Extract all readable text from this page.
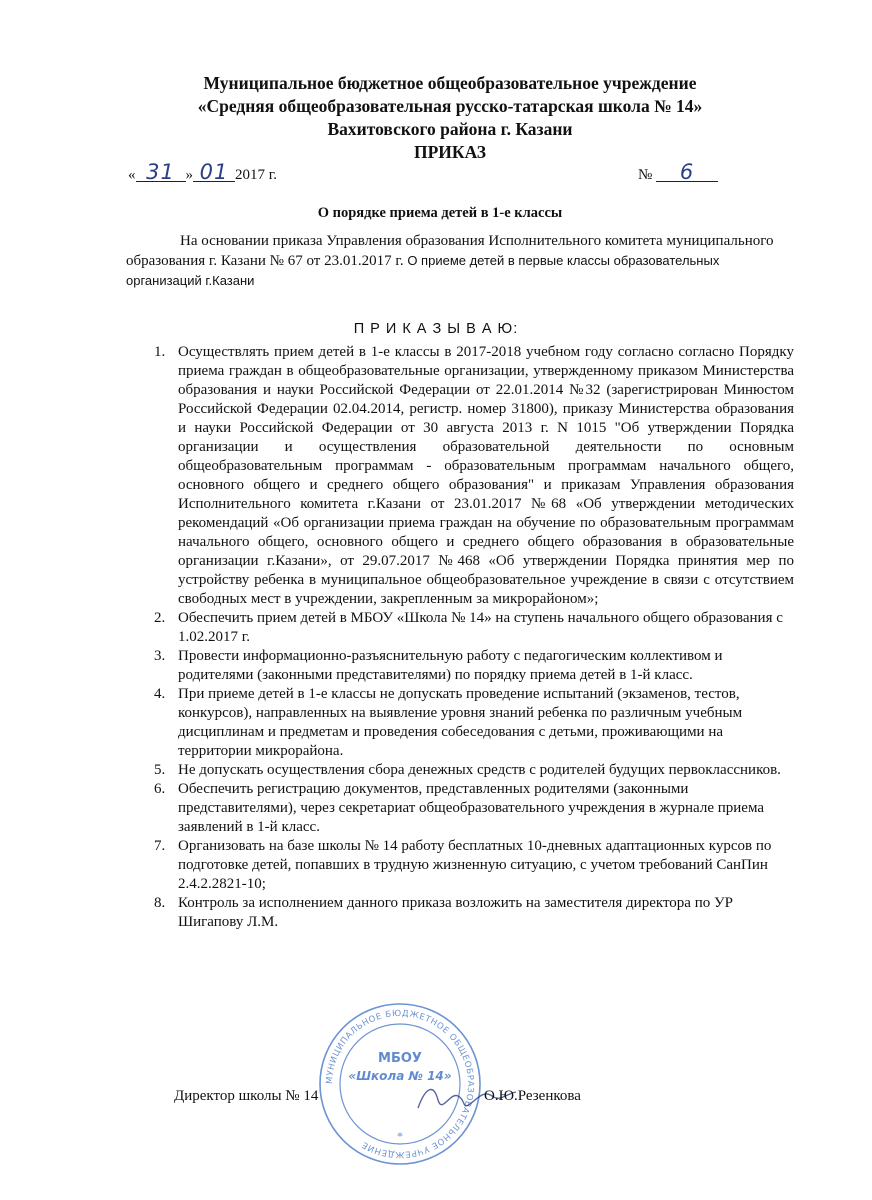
Муниципальное бюджетное общеобразовательное учреждение
«Средняя общеобразовательная русско-татарская школа № 14»
Вахитовского района г. Казани
ПРИКАЗ
« 31 » 01 2017 г.	№ 6
О порядке приема детей в 1-е классы

На основании приказа Управления образования Исполнительного комитета муниципального образования г. Казани № 67 от 23.01.2017 г. О приеме детей в первые классы образовательных организаций г.Казани

П Р И К А З Ы В А Ю:
1. Осуществлять прием детей в 1-е классы в 2017-2018 учебном году согласно согласно Порядку приема граждан в общеобразовательные организации, утвержденному приказом Министерства образования и науки Российской Федерации от 22.01.2014 №32 (зарегистрирован Минюстом Российской Федерации 02.04.2014, регистр. номер 31800), приказу Министерства образования и науки Российской Федерации от 30 августа 2013 г. N 1015 "Об утверждении Порядка организации и осуществления образовательной деятельности по основным общеобразовательным программам - образовательным программам начального общего, основного общего и среднего общего образования" и приказам Управления образования Исполнительного комитета г.Казани от 23.01.2017 №68 «Об утверждении методических рекомендаций «Об организации приема граждан на обучение по образовательным программам начального общего, основного общего и среднего общего образования в образовательные организации г.Казани», от 29.07.2017 №468 «Об утверждении Порядка принятия мер по устройству ребенка в муниципальное общеобразовательное учреждение в связи с отсутствием свободных мест в учреждении, закрепленным за микрорайоном»;
2. Обеспечить прием детей в МБОУ «Школа № 14» на ступень начального общего образования с 1.02.2017 г.
3. Провести информационно-разъяснительную работу с педагогическим коллективом и родителями (законными представителями) по порядку приема детей в 1-й класс.
4. При приеме детей в 1-е классы не допускать проведение испытаний (экзаменов, тестов, конкурсов), направленных на выявление уровня знаний ребенка по различным учебным дисциплинам и предметам и проведения собеседования с детьми, проживающими на территории микрорайона.
5. Не допускать осуществления сбора денежных средств с родителей будущих первоклассников.
6. Обеспечить регистрацию документов, представленных родителями (законными представителями), через секретариат общеобразовательного учреждения в журнале приема заявлений в 1-й класс.
7. Организовать на базе школы № 14 работу бесплатных 10-дневных адаптационных курсов по подготовке детей, попавших в трудную жизненную ситуацию, с учетом требований СанПин 2.4.2.2821-10;
8. Контроль за исполнением данного приказа возложить на заместителя директора по УР Шигапову Л.М.
МУНИЦИПАЛЬНОЕ БЮДЖЕТНОЕ ОБЩЕОБРАЗОВАТЕЛЬНОЕ УЧРЕЖДЕНИЕ
МБОУ
«Школа № 14»
*
Директор школы № 14	О.Ю.Резенкова
